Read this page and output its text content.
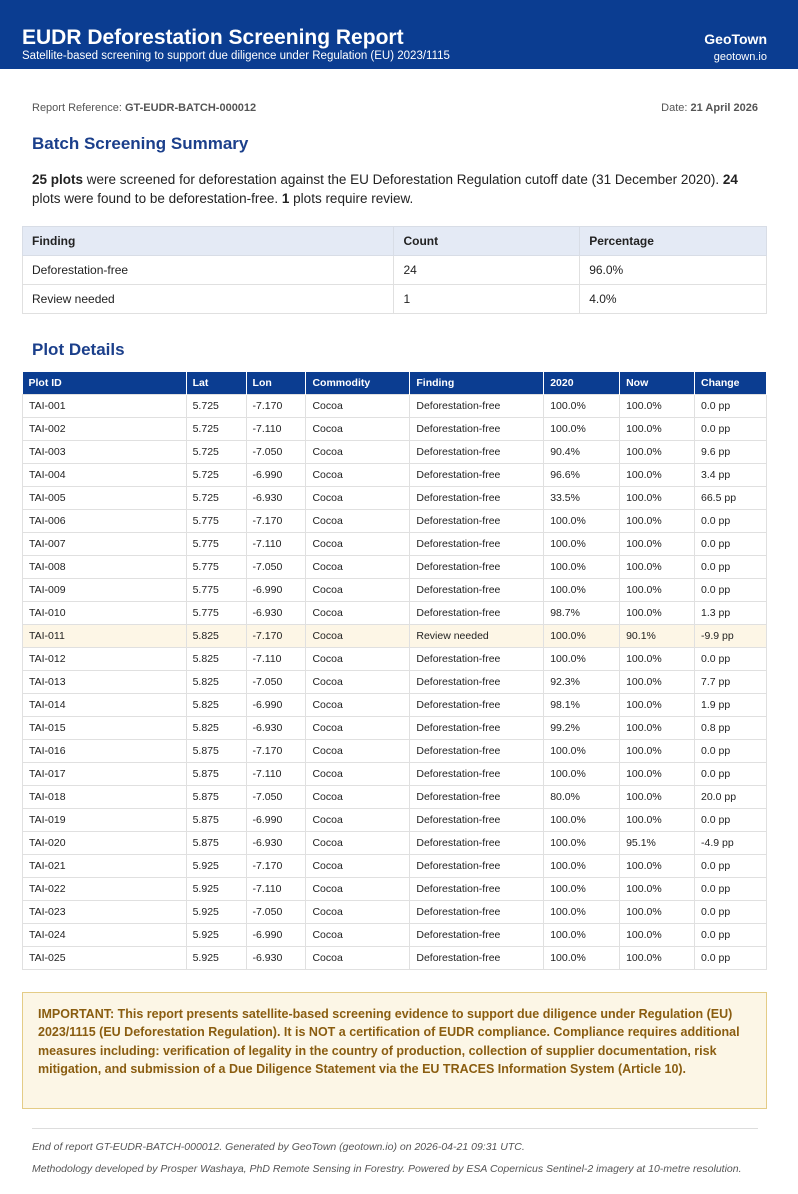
EUDR Deforestation Screening Report
Satellite-based screening to support due diligence under Regulation (EU) 2023/1115
GeoTown
geotown.io
Report Reference: GT-EUDR-BATCH-000012	Date: 21 April 2026
Batch Screening Summary
25 plots were screened for deforestation against the EU Deforestation Regulation cutoff date (31 December 2020). 24 plots were found to be deforestation-free. 1 plots require review.
Finding	Count	Percentage
Deforestation-free	24	96.0%
Review needed	1	4.0%
Plot Details
Plot ID	Lat	Lon	Commodity	Finding	2020	Now	Change
TAI-001	5.725	-7.170	Cocoa	Deforestation-free	100.0%	100.0%	0.0 pp
TAI-002	5.725	-7.110	Cocoa	Deforestation-free	100.0%	100.0%	0.0 pp
TAI-003	5.725	-7.050	Cocoa	Deforestation-free	90.4%	100.0%	9.6 pp
TAI-004	5.725	-6.990	Cocoa	Deforestation-free	96.6%	100.0%	3.4 pp
TAI-005	5.725	-6.930	Cocoa	Deforestation-free	33.5%	100.0%	66.5 pp
TAI-006	5.775	-7.170	Cocoa	Deforestation-free	100.0%	100.0%	0.0 pp
TAI-007	5.775	-7.110	Cocoa	Deforestation-free	100.0%	100.0%	0.0 pp
TAI-008	5.775	-7.050	Cocoa	Deforestation-free	100.0%	100.0%	0.0 pp
TAI-009	5.775	-6.990	Cocoa	Deforestation-free	100.0%	100.0%	0.0 pp
TAI-010	5.775	-6.930	Cocoa	Deforestation-free	98.7%	100.0%	1.3 pp
TAI-011	5.825	-7.170	Cocoa	Review needed	100.0%	90.1%	-9.9 pp
TAI-012	5.825	-7.110	Cocoa	Deforestation-free	100.0%	100.0%	0.0 pp
TAI-013	5.825	-7.050	Cocoa	Deforestation-free	92.3%	100.0%	7.7 pp
TAI-014	5.825	-6.990	Cocoa	Deforestation-free	98.1%	100.0%	1.9 pp
TAI-015	5.825	-6.930	Cocoa	Deforestation-free	99.2%	100.0%	0.8 pp
TAI-016	5.875	-7.170	Cocoa	Deforestation-free	100.0%	100.0%	0.0 pp
TAI-017	5.875	-7.110	Cocoa	Deforestation-free	100.0%	100.0%	0.0 pp
TAI-018	5.875	-7.050	Cocoa	Deforestation-free	80.0%	100.0%	20.0 pp
TAI-019	5.875	-6.990	Cocoa	Deforestation-free	100.0%	100.0%	0.0 pp
TAI-020	5.875	-6.930	Cocoa	Deforestation-free	100.0%	95.1%	-4.9 pp
TAI-021	5.925	-7.170	Cocoa	Deforestation-free	100.0%	100.0%	0.0 pp
TAI-022	5.925	-7.110	Cocoa	Deforestation-free	100.0%	100.0%	0.0 pp
TAI-023	5.925	-7.050	Cocoa	Deforestation-free	100.0%	100.0%	0.0 pp
TAI-024	5.925	-6.990	Cocoa	Deforestation-free	100.0%	100.0%	0.0 pp
TAI-025	5.925	-6.930	Cocoa	Deforestation-free	100.0%	100.0%	0.0 pp
IMPORTANT: This report presents satellite-based screening evidence to support due diligence under Regulation (EU) 2023/1115 (EU Deforestation Regulation). It is NOT a certification of EUDR compliance. Compliance requires additional measures including: verification of legality in the country of production, collection of supplier documentation, risk mitigation, and submission of a Due Diligence Statement via the EU TRACES Information System (Article 10).
End of report GT-EUDR-BATCH-000012. Generated by GeoTown (geotown.io) on 2026-04-21 09:31 UTC.
Methodology developed by Prosper Washaya, PhD Remote Sensing in Forestry. Powered by ESA Copernicus Sentinel-2 imagery at 10-metre resolution.
